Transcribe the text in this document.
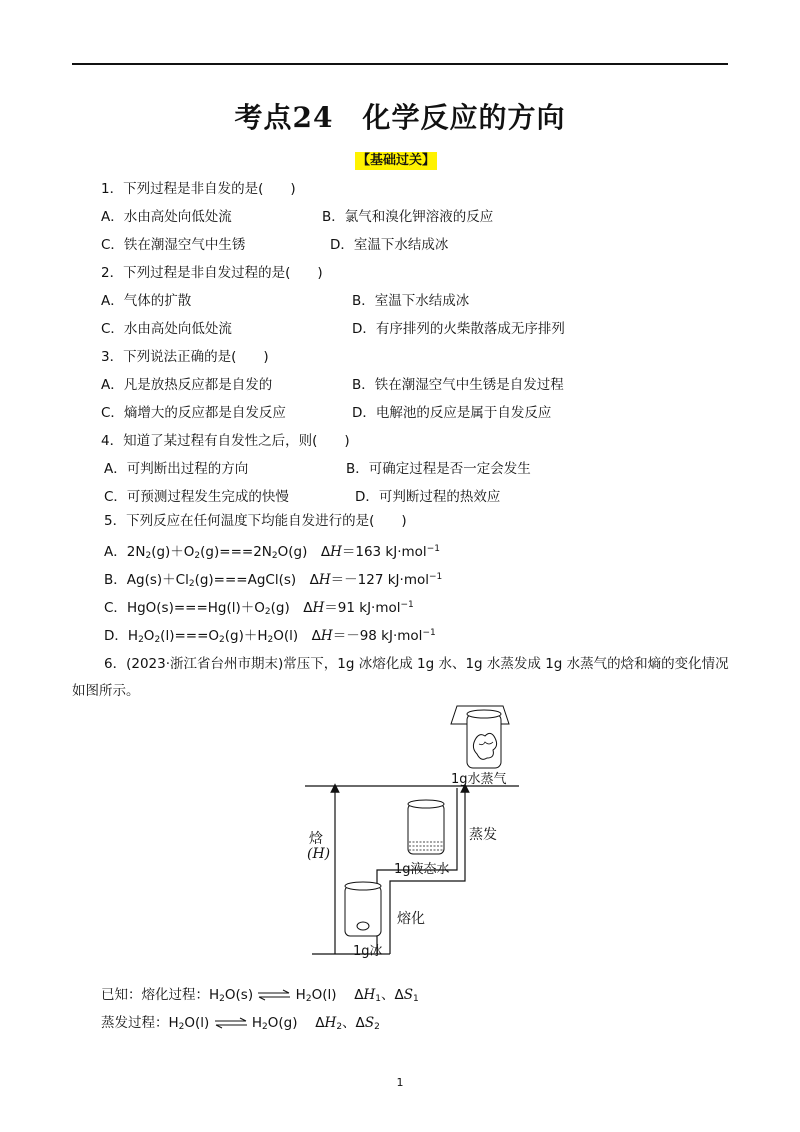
考点24　化学反应的方向
【基础过关】
1．下列过程是非自发的是(　　)
A．水由高处向低处流	B．氯气和溴化钾溶液的反应
C．铁在潮湿空气中生锈	D．室温下水结成冰
2．下列过程是非自发过程的是(　　)
A．气体的扩散	B．室温下水结成冰
C．水由高处向低处流	D．有序排列的火柴散落成无序排列
3．下列说法正确的是(　　)
A．凡是放热反应都是自发的	B．铁在潮湿空气中生锈是自发过程
C．熵增大的反应都是自发反应	D．电解池的反应是属于自发反应
4．知道了某过程有自发性之后，则(　　)
A．可判断出过程的方向	B．可确定过程是否一定会发生
C．可预测过程发生完成的快慢	D．可判断过程的热效应
5．下列反应在任何温度下均能自发进行的是(　　)
A．$2N_2(g)+O_2(g)===2N_2O(g)$　ΔH＝163 kJ·mol$^{-1}$
B．$Ag(s)+Cl_2(g)===AgCl(s)$　ΔH＝－127 kJ·mol$^{-1}$
C．$HgO(s)===Hg(l)+O_2(g)$　ΔH＝91 kJ·mol$^{-1}$
D．$H_2O_2(l)===O_2(g)+H_2O(l)$　ΔH＝－98 kJ·mol$^{-1}$
6．(2023·浙江省台州市期末)常压下，1g 冰熔化成 1g 水、1g 水蒸发成 1g 水蒸气的焓和熵的变化情况
如图所示。
1g水蒸气
1g液态水
1g冰
蒸发
熔化
焓
(H)
已知：熔化过程：$H_2O(s)$ ⇌ $H_2O(l)$　 $\Delta H_1$、$\Delta S_1$
蒸发过程：$H_2O(l)$ ⇌ $H_2O(g)$　 $\Delta H_2$、$\Delta S_2$
1
